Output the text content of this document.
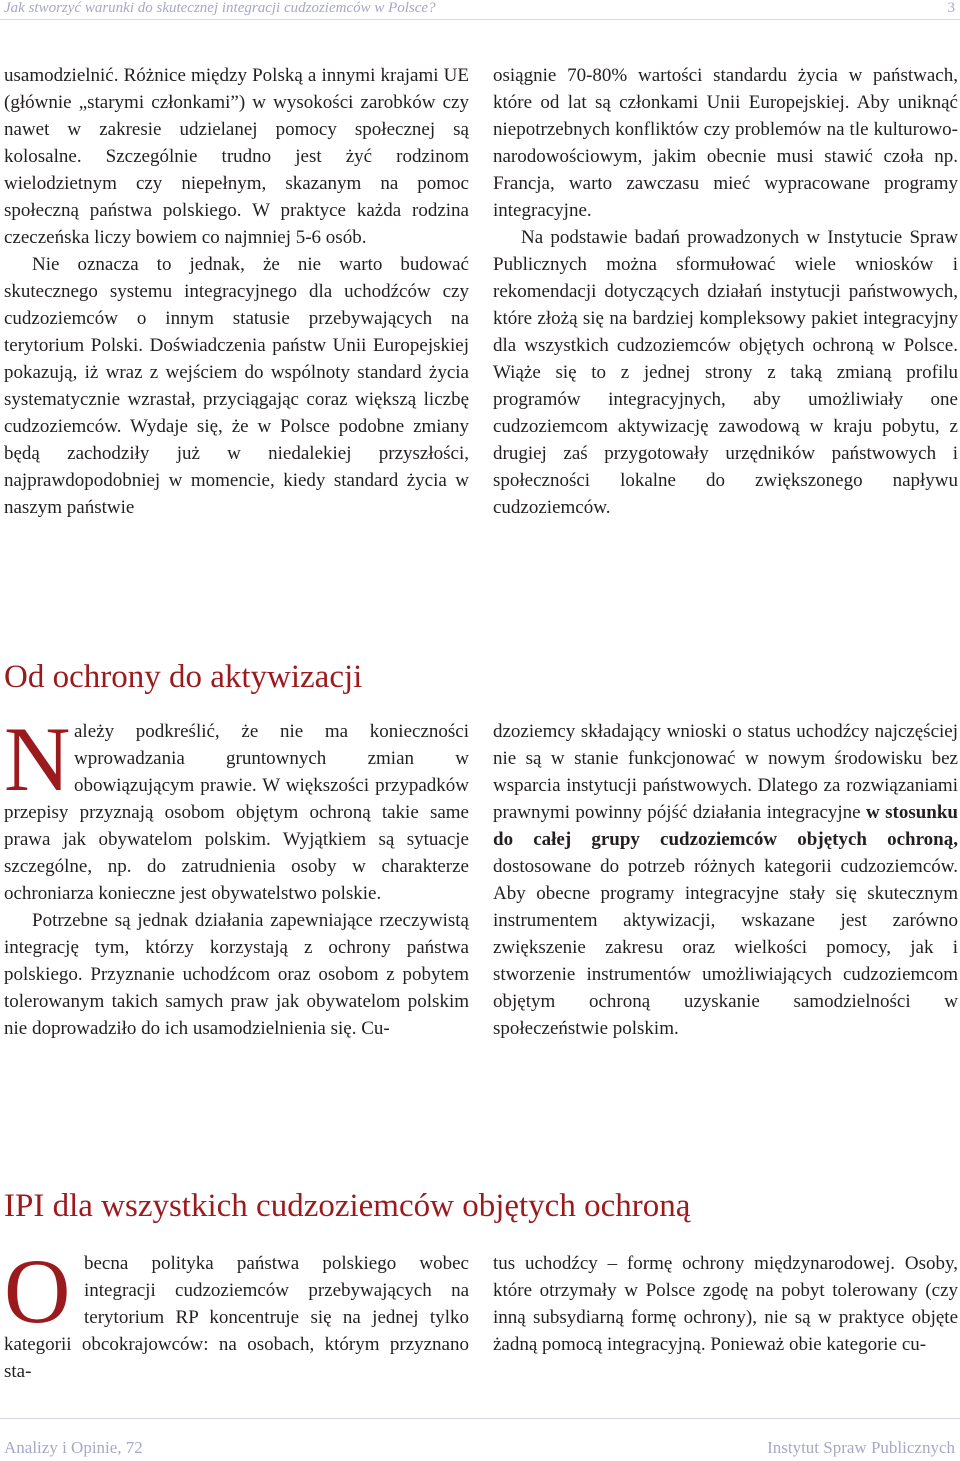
Jak stworzyć warunki do skutecznej integracji cudzoziemców w Polsce?	3

usamodzielnić. Różnice między Polską a innymi krajami UE (głównie „starymi członkami”) w wysokości zarobków czy nawet w zakresie udzielanej pomocy społecznej są kolosalne. Szczególnie trudno jest żyć rodzinom wielodzietnym czy niepełnym, skazanym na pomoc społeczną państwa polskiego. W praktyce każda rodzina czeczeńska liczy bowiem co najmniej 5-6 osób.

Nie oznacza to jednak, że nie warto budować skutecznego systemu integracyjnego dla uchodźców czy cudzoziemców o innym statusie przebywających na terytorium Polski. Doświadczenia państw Unii Europejskiej pokazują, iż wraz z wejściem do wspólnoty standard życia systematycznie wzrastał, przyciągając coraz większą liczbę cudzoziemców. Wydaje się, że w Polsce podobne zmiany będą zachodziły już w niedalekiej przyszłości, najprawdopodobniej w momencie, kiedy standard życia w naszym państwie

osiągnie 70-80% wartości standardu życia w państwach, które od lat są członkami Unii Europejskiej. Aby uniknąć niepotrzebnych konfliktów czy problemów na tle kulturowo-narodowościowym, jakim obecnie musi stawić czoła np. Francja, warto zawczasu mieć wypracowane programy integracyjne.

Na podstawie badań prowadzonych w Instytucie Spraw Publicznych można sformułować wiele wniosków i rekomendacji dotyczących działań instytucji państwowych, które złożą się na bardziej kompleksowy pakiet integracyjny dla wszystkich cudzoziemców objętych ochroną w Polsce. Wiąże się to z jednej strony z taką zmianą profilu programów integracyjnych, aby umożliwiały one cudzoziemcom aktywizację zawodową w kraju pobytu, z drugiej zaś przygotowały urzędników państwowych i społeczności lokalne do zwiększonego napływu cudzoziemców.

Od ochrony do aktywizacji

Należy podkreślić, że nie ma konieczności wprowadzania gruntownych zmian w obowiązującym prawie. W większości przypadków przepisy przyznają osobom objętym ochroną takie same prawa jak obywatelom polskim. Wyjątkiem są sytuacje szczególne, np. do zatrudnienia osoby w charakterze ochroniarza konieczne jest obywatelstwo polskie.

Potrzebne są jednak działania zapewniające rzeczywistą integrację tym, którzy korzystają z ochrony państwa polskiego. Przyznanie uchodźcom oraz osobom z pobytem tolerowanym takich samych praw jak obywatelom polskim nie doprowadziło do ich usamodzielnienia się. Cu-

dzoziemcy składający wnioski o status uchodźcy najczęściej nie są w stanie funkcjonować w nowym środowisku bez wsparcia instytucji państwowych. Dlatego za rozwiązaniami prawnymi powinny pójść działania integracyjne w stosunku do całej grupy cudzoziemców objętych ochroną, dostosowane do potrzeb różnych kategorii cudzoziemców. Aby obecne programy integracyjne stały się skutecznym instrumentem aktywizacji, wskazane jest zarówno zwiększenie zakresu oraz wielkości pomocy, jak i stworzenie instrumentów umożliwiających cudzoziemcom objętym ochroną uzyskanie samodzielności w społeczeństwie polskim.

IPI dla wszystkich cudzoziemców objętych ochroną

Obecna polityka państwa polskiego wobec integracji cudzoziemców przebywających na terytorium RP koncentruje się na jednej tylko kategorii obcokrajowców: na osobach, którym przyznano sta-

tus uchodźcy – formę ochrony międzynarodowej. Osoby, które otrzymały w Polsce zgodę na pobyt tolerowany (czy inną subsydiarną formę ochrony), nie są w praktyce objęte żadną pomocą integracyjną. Ponieważ obie kategorie cu-

Analizy i Opinie, 72	Instytut Spraw Publicznych
